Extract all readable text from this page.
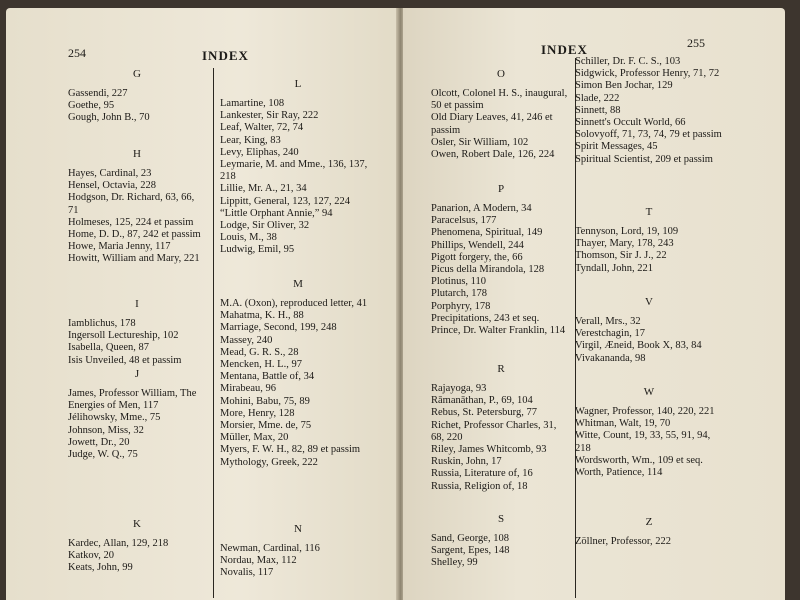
254	INDEX
G
Gassendi, 227
Goethe, 95
Gough, John B., 70
H
Hayes, Cardinal, 23
Hensel, Octavia, 228
Hodgson, Dr. Richard, 63, 66, 71
Holmeses, 125, 224 et passim
Home, D. D., 87, 242 et passim
Howe, Maria Jenny, 117
Howitt, William and Mary, 221
I
Iamblichus, 178
Ingersoll Lectureship, 102
Isabella, Queen, 87
Isis Unveiled, 48 et passim
J
James, Professor William, The Energies of Men, 117
Jélihowsky, Mme., 75
Johnson, Miss, 32
Jowett, Dr., 20
Judge, W. Q., 75
K
Kardec, Allan, 129, 218
Katkov, 20
Keats, John, 99
L
Lamartine, 108
Lankester, Sir Ray, 222
Leaf, Walter, 72, 74
Lear, King, 83
Levy, Eliphas, 240
Leymarie, M. and Mme., 136, 137, 218
Lillie, Mr. A., 21, 34
Lippitt, General, 123, 127, 224
“Little Orphant Annie,” 94
Lodge, Sir Oliver, 32
Louis, M., 38
Ludwig, Emil, 95
M
M.A. (Oxon), reproduced letter, 41
Mahatma, K. H., 88
Marriage, Second, 199, 248
Massey, 240
Mead, G. R. S., 28
Mencken, H. L., 97
Mentana, Battle of, 34
Mirabeau, 96
Mohini, Babu, 75, 89
More, Henry, 128
Morsier, Mme. de, 75
Müller, Max, 20
Myers, F. W. H., 82, 89 et passim
Mythology, Greek, 222
N
Newman, Cardinal, 116
Nordau, Max, 112
Novalis, 117
INDEX	255
O
Olcott, Colonel H. S., inaugural, 50 et passim
Old Diary Leaves, 41, 246 et passim
Osler, Sir William, 102
Owen, Robert Dale, 126, 224
P
Panarion, A Modern, 34
Paracelsus, 177
Phenomena, Spiritual, 149
Phillips, Wendell, 244
Pigott forgery, the, 66
Picus della Mirandola, 128
Plotinus, 110
Plutarch, 178
Porphyry, 178
Precipitations, 243 et seq.
Prince, Dr. Walter Franklin, 114
R
Rajayoga, 93
Rāmanāthan, P., 69, 104
Rebus, St. Petersburg, 77
Richet, Professor Charles, 31, 68, 220
Riley, James Whitcomb, 93
Ruskin, John, 17
Russia, Literature of, 16
Russia, Religion of, 18
S
Sand, George, 108
Sargent, Epes, 148
Shelley, 99
Schiller, Dr. F. C. S., 103
Sidgwick, Professor Henry, 71, 72
Simon Ben Jochar, 129
Slade, 222
Sinnett, 88
Sinnett's Occult World, 66
Solovyoff, 71, 73, 74, 79 et passim
Spirit Messages, 45
Spiritual Scientist, 209 et passim
T
Tennyson, Lord, 19, 109
Thayer, Mary, 178, 243
Thomson, Sir J. J., 22
Tyndall, John, 221
V
Verall, Mrs., 32
Verestchagin, 17
Virgil, Æneid, Book X, 83, 84
Vivakananda, 98
W
Wagner, Professor, 140, 220, 221
Whitman, Walt, 19, 70
Witte, Count, 19, 33, 55, 91, 94, 218
Wordsworth, Wm., 109 et seq.
Worth, Patience, 114
Z
Zöllner, Professor, 222
